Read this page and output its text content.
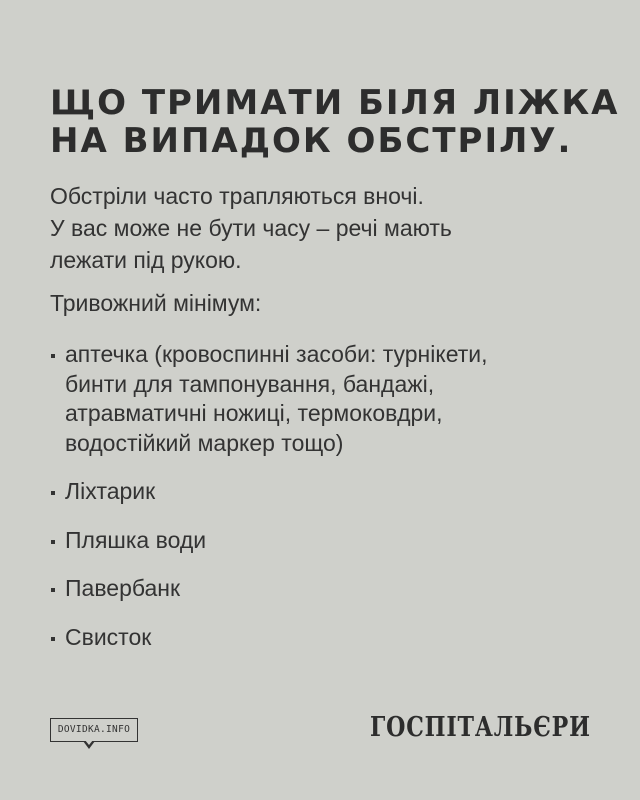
ЩО ТРИМАТИ БІЛЯ ЛІЖКА
НА ВИПАДОК ОБСТРІЛУ.
Обстріли часто трапляються вночі.
У вас може не бути часу – речі мають
лежати під рукою.
Тривожний мінімум:
аптечка (кровоспинні засоби: турнікети,
бинти для тампонування, бандажі,
атравматичні ножиці, термоковдри,
водостійкий маркер тощо)
Ліхтарик
Пляшка води
Павербанк
Свисток
DOVIDKA.INFO	ГОСПІТАЛЬЄРИ
